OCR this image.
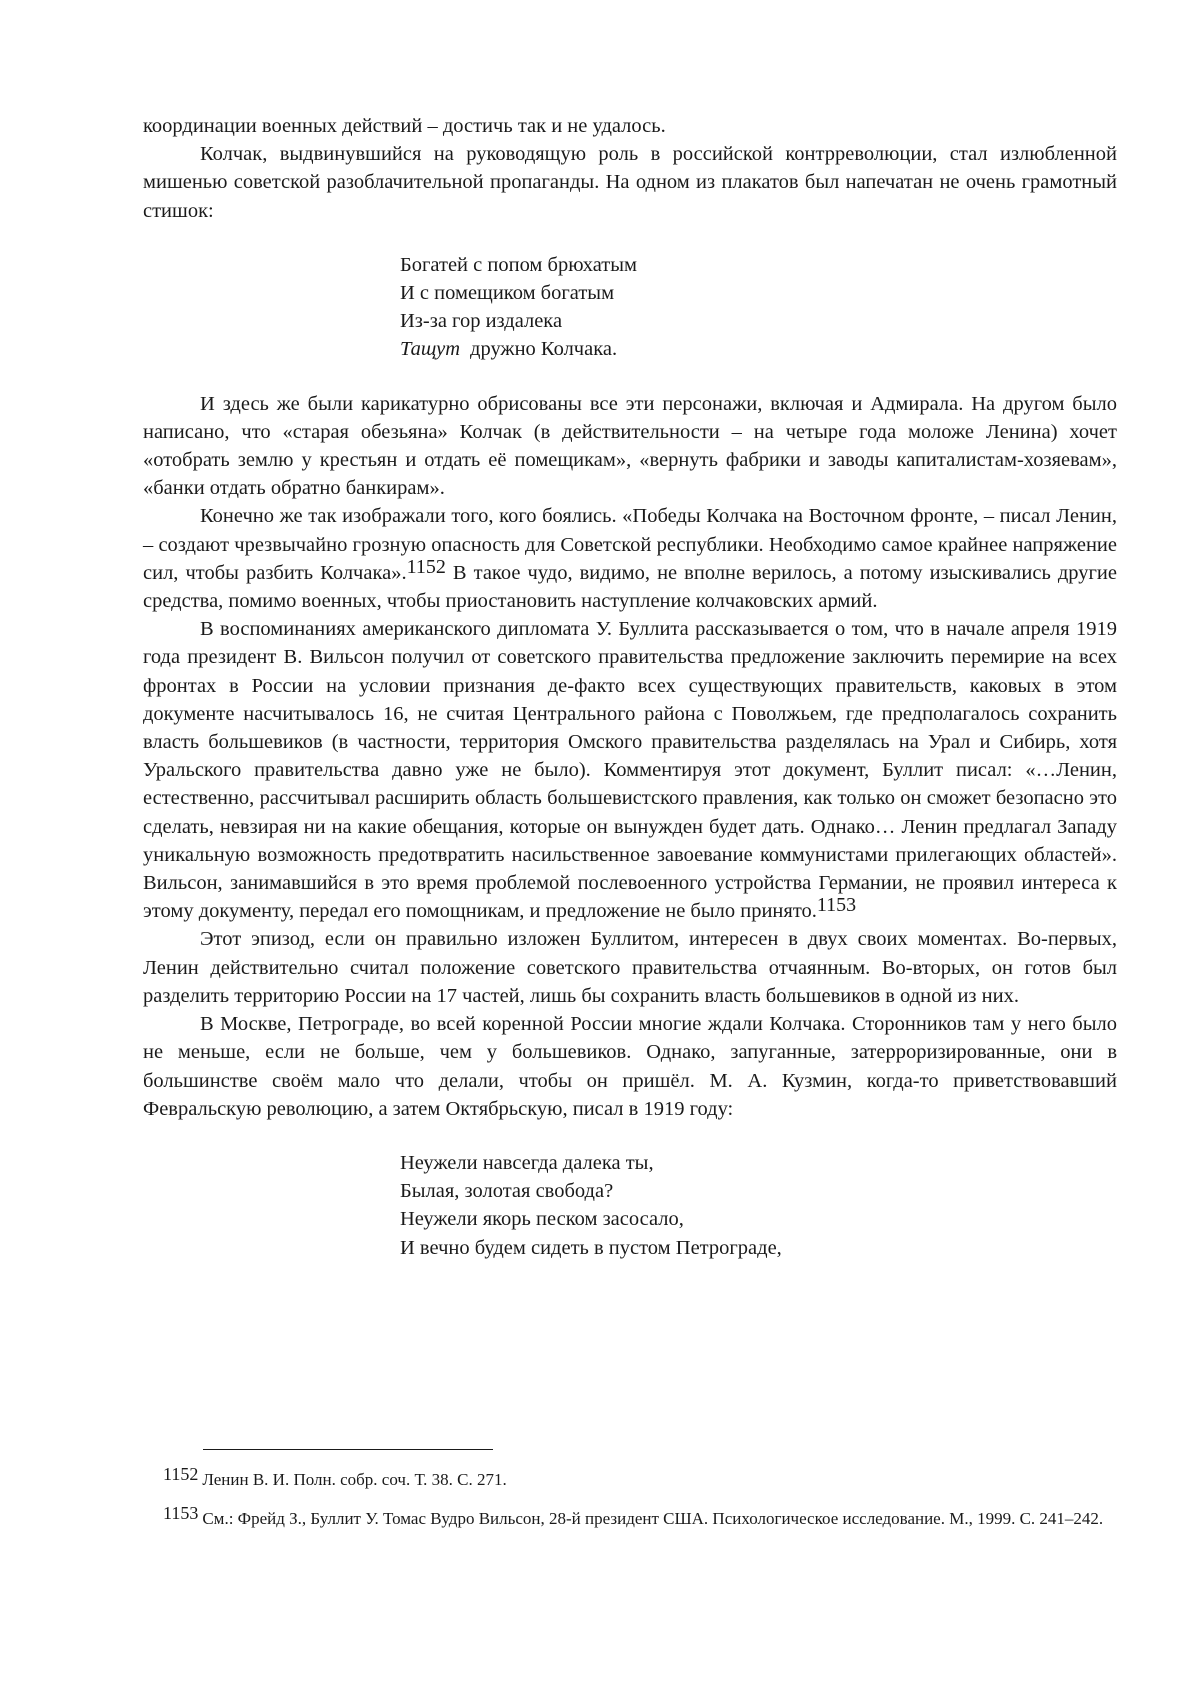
координации военных действий – достичь так и не удалось.

Колчак, выдвинувшийся на руководящую роль в российской контрреволюции, стал излюбленной мишенью советской разоблачительной пропаганды. На одном из плакатов был напечатан не очень грамотный стишок:

Богатей с попом брюхатым
И с помещиком богатым
Из-за гор издалека
Тащут дружно Колчака.

И здесь же были карикатурно обрисованы все эти персонажи, включая и Адмирала. На другом было написано, что «старая обезьяна» Колчак (в действительности – на четыре года моложе Ленина) хочет «отобрать землю у крестьян и отдать её помещикам», «вернуть фабрики и заводы капиталистам-хозяевам», «банки отдать обратно банкирам».

Конечно же так изображали того, кого боялись. «Победы Колчака на Восточном фронте, – писал Ленин, – создают чрезвычайно грозную опасность для Советской республики. Необходимо самое крайнее напряжение сил, чтобы разбить Колчака».$^{1152}$ В такое чудо, видимо, не вполне верилось, а потому изыскивались другие средства, помимо военных, чтобы приостановить наступление колчаковских армий.

В воспоминаниях американского дипломата У. Буллита рассказывается о том, что в начале апреля 1919 года президент В. Вильсон получил от советского правительства предложение заключить перемирие на всех фронтах в России на условии признания де-факто всех существующих правительств, каковых в этом документе насчитывалось 16, не считая Центрального района с Поволжьем, где предполагалось сохранить власть большевиков (в частности, территория Омского правительства разделялась на Урал и Сибирь, хотя Уральского правительства давно уже не было). Комментируя этот документ, Буллит писал: «…Ленин, естественно, рассчитывал расширить область большевистского правления, как только он сможет безопасно это сделать, невзирая ни на какие обещания, которые он вынужден будет дать. Однако… Ленин предлагал Западу уникальную возможность предотвратить насильственное завоевание коммунистами прилегающих областей». Вильсон, занимавшийся в это время проблемой послевоенного устройства Германии, не проявил интереса к этому документу, передал его помощникам, и предложение не было принято.$^{1153}$

Этот эпизод, если он правильно изложен Буллитом, интересен в двух своих моментах. Во-первых, Ленин действительно считал положение советского правительства отчаянным. Во-вторых, он готов был разделить территорию России на 17 частей, лишь бы сохранить власть большевиков в одной из них.

В Москве, Петрограде, во всей коренной России многие ждали Колчака. Сторонников там у него было не меньше, если не больше, чем у большевиков. Однако, запуганные, затерроризированные, они в большинстве своём мало что делали, чтобы он пришёл. М. А. Кузмин, когда-то приветствовавший Февральскую революцию, а затем Октябрьскую, писал в 1919 году:

Неужели навсегда далека ты,
Былая, золотая свобода?
Неужели якорь песком засосало,
И вечно будем сидеть в пустом Петрограде,

1152 Ленин В. И. Полн. собр. соч. Т. 38. С. 271.

1153 См.: Фрейд З., Буллит У. Томас Вудро Вильсон, 28-й президент США. Психологическое исследование. М., 1999. С. 241–242.
